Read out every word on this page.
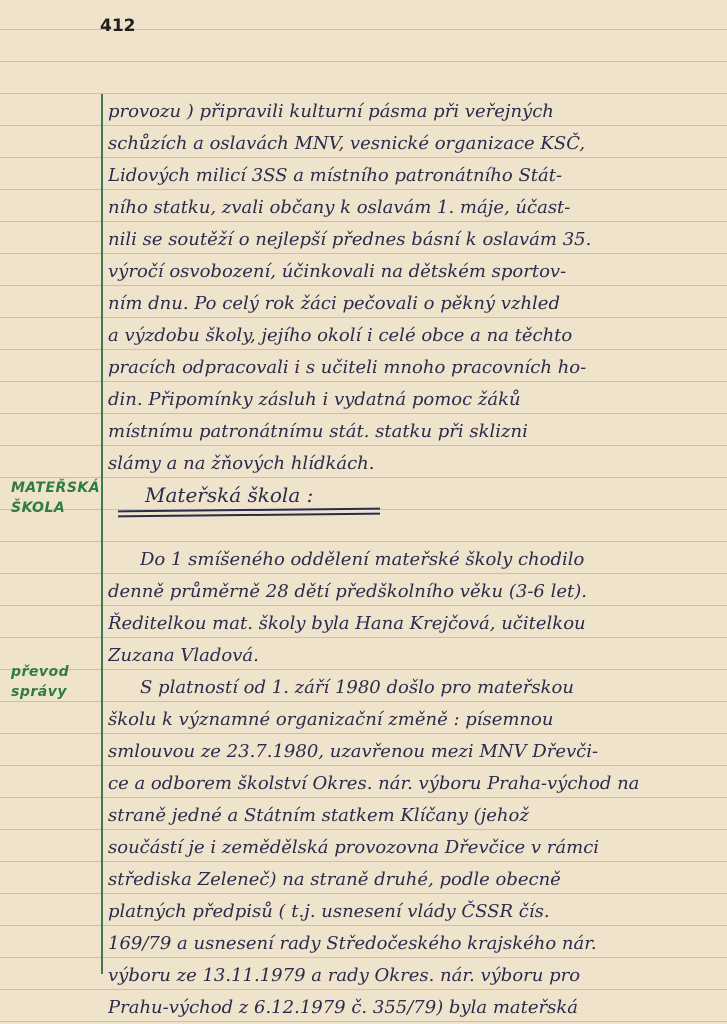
412
MATEŘSKÁ
ŠKOLA
převod
správy
provozu ) připravili kulturní pásma při veřejných
schůzích a oslavách MNV, vesnické organizace KSČ,
Lidových milicí 3SS a místního patronátního Stát-
ního statku, zvali občany k oslavám 1. máje, účast-
nili se soutěží o nejlepší přednes básní k oslavám 35.
výročí osvobození, účinkovali na dětském sportov-
ním dnu. Po celý rok žáci pečovali o pěkný vzhled
a výzdobu školy, jejího okolí i celé obce a na těchto
pracích odpracovali i s učiteli mnoho pracovních ho-
din. Připomínky zásluh i vydatná pomoc žáků
místnímu patronátnímu stát. statku při sklizni
slámy a na žňových hlídkách.
Mateřská škola :
Do 1 smíšeného oddělení mateřské školy chodilo
denně průměrně 28 dětí předškolního věku (3-6 let).
Ředitelkou mat. školy byla Hana Krejčová, učitelkou
Zuzana Vladová.
S platností od 1. září 1980 došlo pro mateřskou
školu k významné organizační změně : písemnou
smlouvou ze 23.7.1980, uzavřenou mezi MNV Dřevči-
ce a odborem školství Okres. nár. výboru Praha-východ na
straně jedné a Státním statkem Klíčany (jehož
součástí je i zemědělská provozovna Dřevčice v rámci
střediska Zeleneč) na straně druhé, podle obecně
platných předpisů ( t.j. usnesení vlády ČSSR čís.
169/79 a usnesení rady Středočeského krajského nár.
výboru ze 13.11.1979 a rady Okres. nár. výboru pro
Prahu-východ z 6.12.1979 č. 355/79) byla mateřská
